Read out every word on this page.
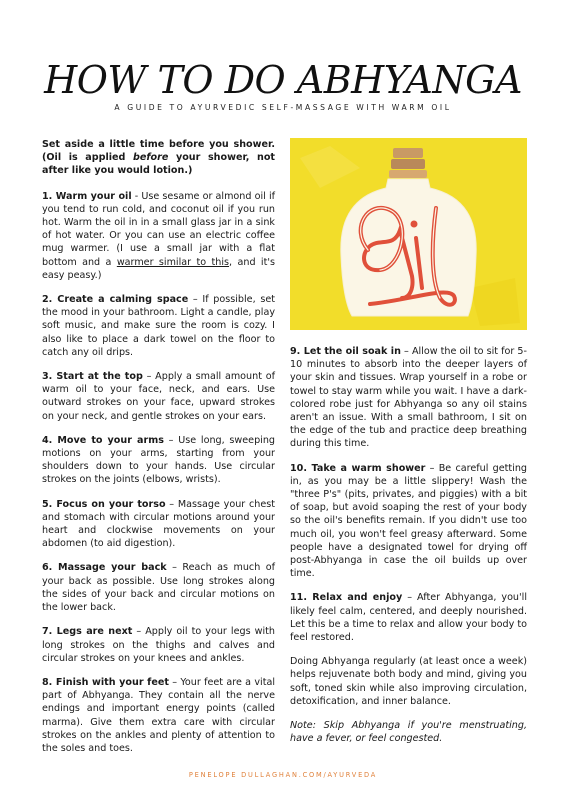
HOW TO DO ABHYANGA

A GUIDE TO AYURVEDIC SELF-MASSAGE WITH WARM OIL

Set aside a little time before you shower. (Oil is applied before your shower, not after like you would lotion.)

1. Warm your oil - Use sesame or almond oil if you tend to run cold, and coconut oil if you run hot. Warm the oil in in a small glass jar in a sink of hot water. Or you can use an electric coffee mug warmer. (I use a small jar with a flat bottom and a warmer similar to this, and it's easy peasy.)

2. Create a calming space – If possible, set the mood in your bathroom. Light a candle, play soft music, and make sure the room is cozy. I also like to place a dark towel on the floor to catch any oil drips.

3. Start at the top – Apply a small amount of warm oil to your face, neck, and ears. Use outward strokes on your face, upward strokes on your neck, and gentle strokes on your ears.

4. Move to your arms – Use long, sweeping motions on your arms, starting from your shoulders down to your hands. Use circular strokes on the joints (elbows, wrists).

5. Focus on your torso – Massage your chest and stomach with circular motions around your heart and clockwise movements on your abdomen (to aid digestion).

6. Massage your back – Reach as much of your back as possible. Use long strokes along the sides of your back and circular motions on the lower back.

7. Legs are next – Apply oil to your legs with long strokes on the thighs and calves and circular strokes on your knees and ankles.

8. Finish with your feet – Your feet are a vital part of Abhyanga. They contain all the nerve endings and important energy points (called marma). Give them extra care with circular strokes on the ankles and plenty of attention to the soles and toes.

9. Let the oil soak in – Allow the oil to sit for 5-10 minutes to absorb into the deeper layers of your skin and tissues. Wrap yourself in a robe or towel to stay warm while you wait. I have a dark-colored robe just for Abhyanga so any oil stains aren't an issue. With a small bathroom, I sit on the edge of the tub and practice deep breathing during this time.

10. Take a warm shower – Be careful getting in, as you may be a little slippery! Wash the "three P's" (pits, privates, and piggies) with a bit of soap, but avoid soaping the rest of your body so the oil's benefits remain. If you didn't use too much oil, you won't feel greasy afterward. Some people have a designated towel for drying off post-Abhyanga in case the oil builds up over time.

11. Relax and enjoy – After Abhyanga, you'll likely feel calm, centered, and deeply nourished. Let this be a time to relax and allow your body to feel restored.

Doing Abhyanga regularly (at least once a week) helps rejuvenate both body and mind, giving you soft, toned skin while also improving circulation, detoxification, and inner balance.

Note: Skip Abhyanga if you're menstruating, have a fever, or feel congested.

PENELOPE DULLAGHAN.COM/AYURVEDA
